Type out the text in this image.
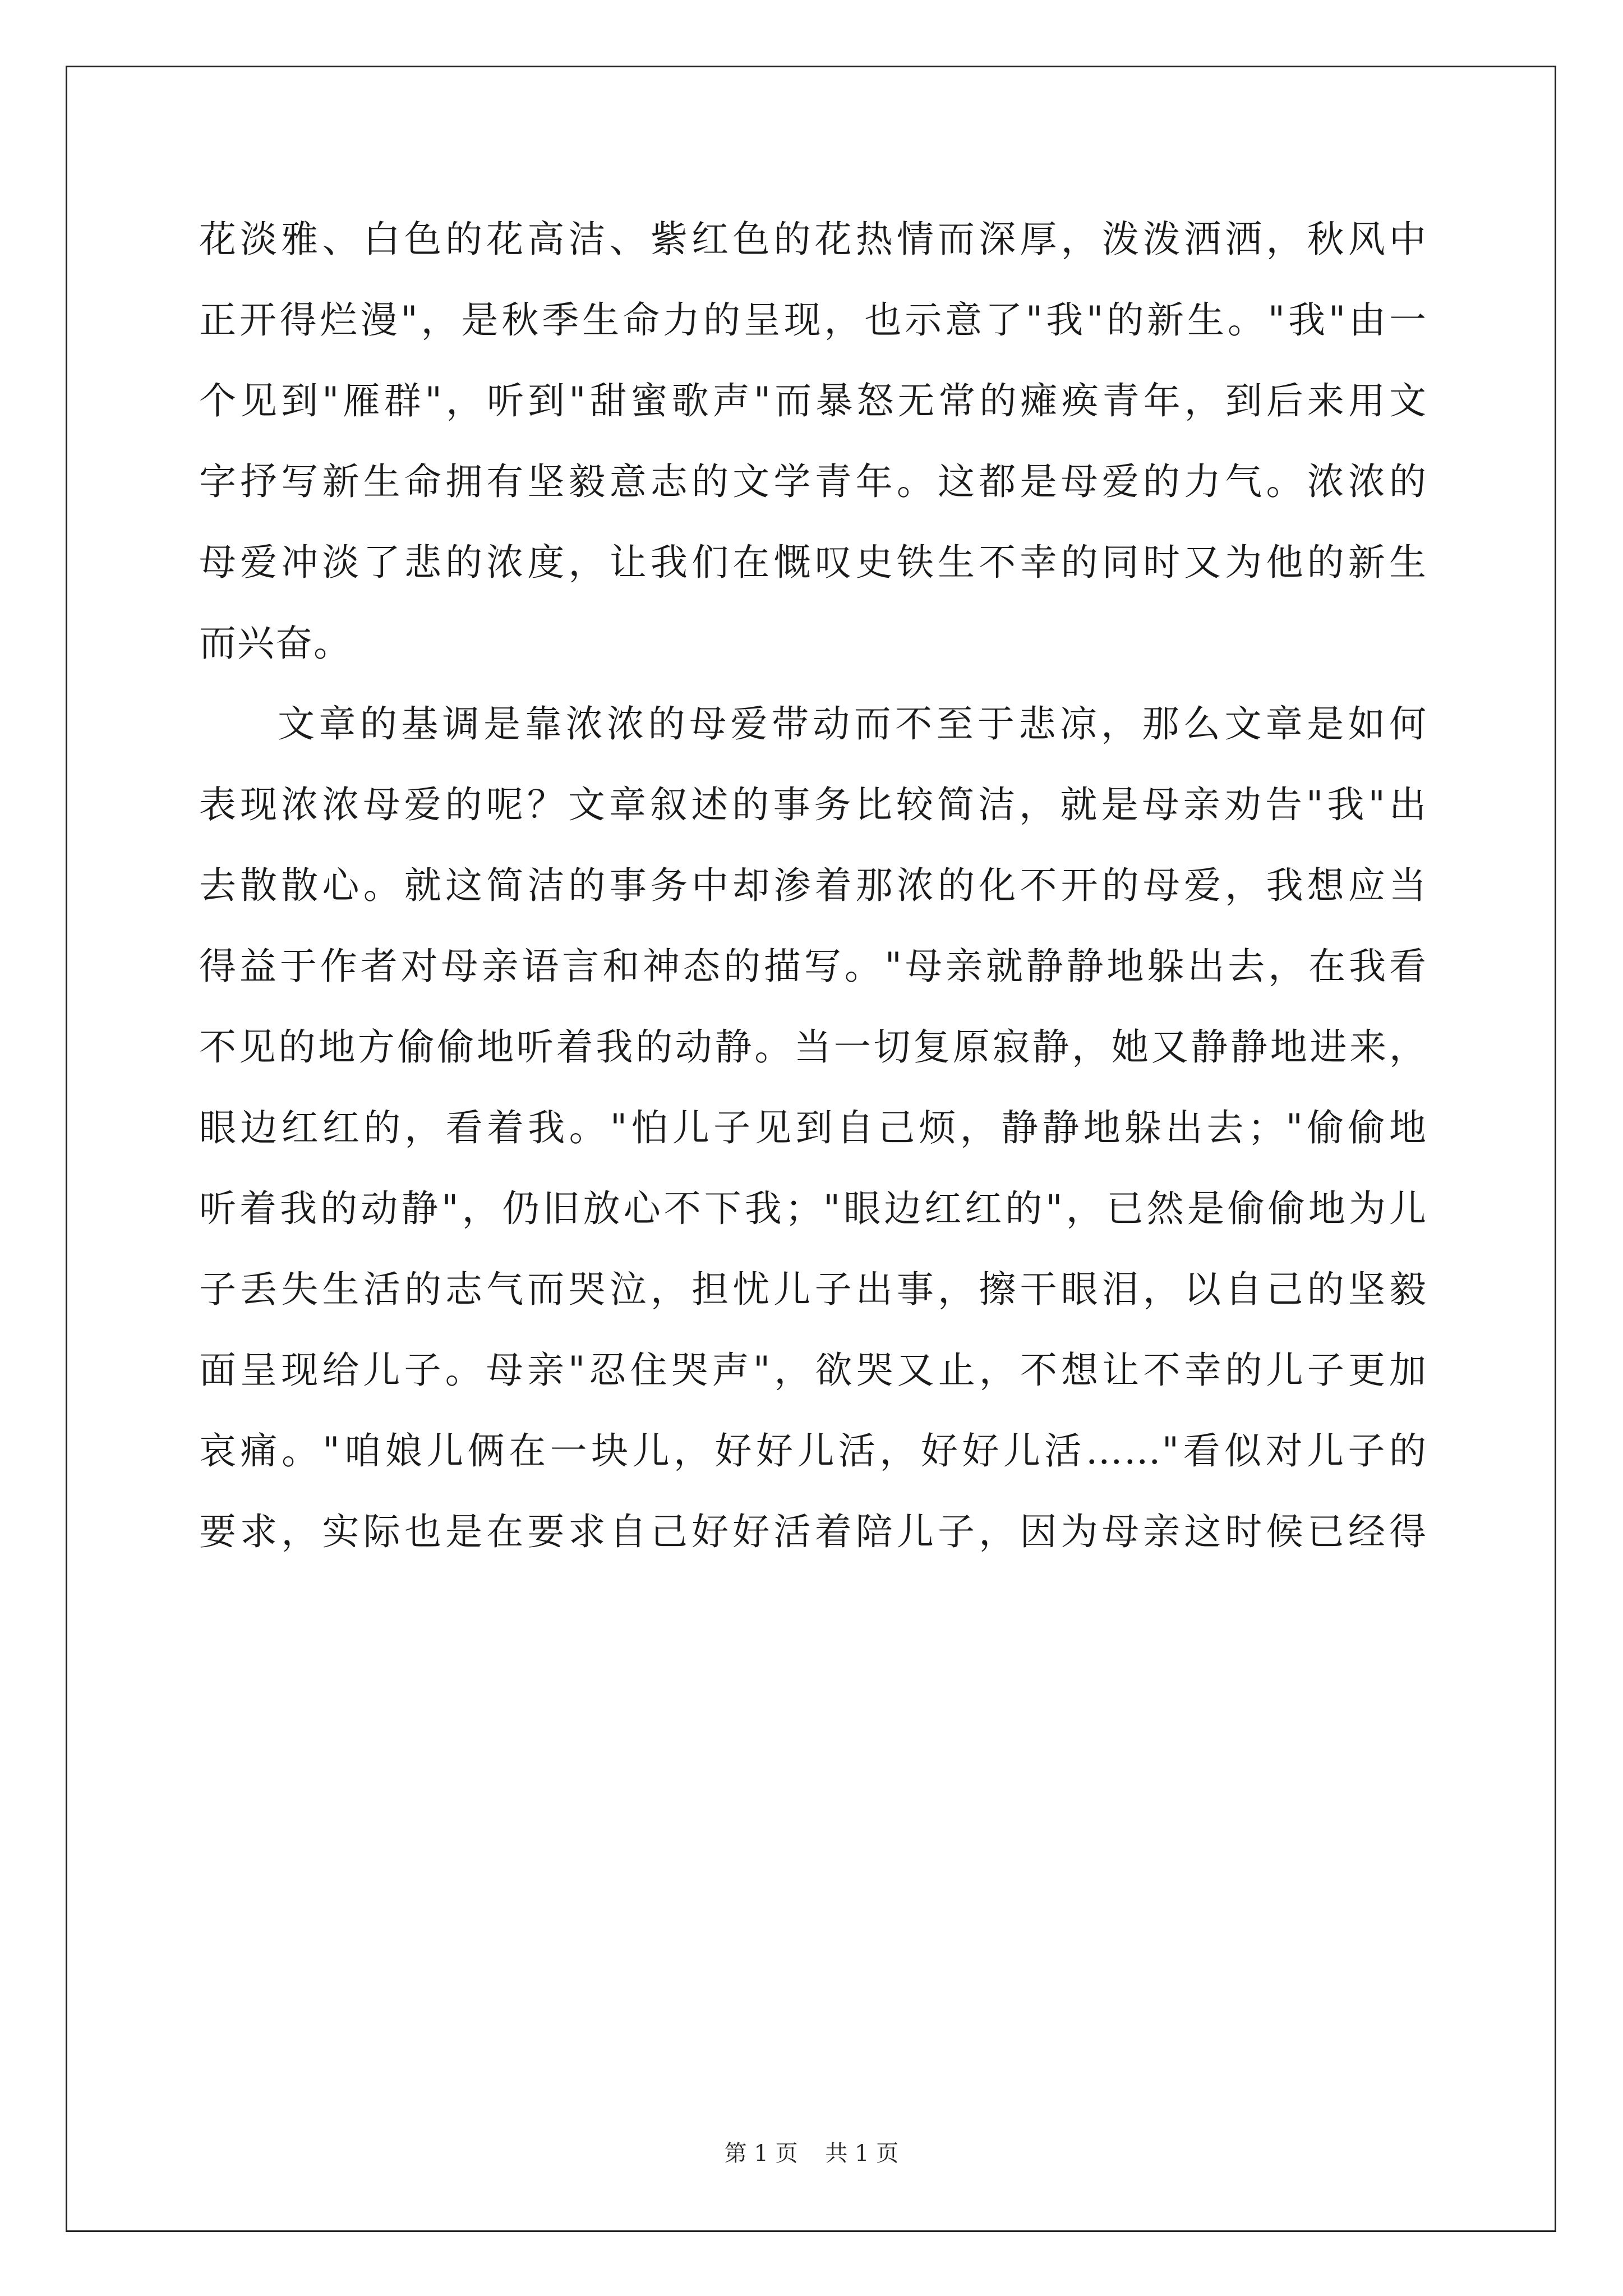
花淡雅、白色的花高洁、紫红色的花热情而深厚，泼泼洒洒，秋风中
正开得烂漫"，是秋季生命力的呈现，也示意了"我"的新生。"我"由一
个见到"雁群"，听到"甜蜜歌声"而暴怒无常的瘫痪青年，到后来用文
字抒写新生命拥有坚毅意志的文学青年。这都是母爱的力气。浓浓的
母爱冲淡了悲的浓度，让我们在慨叹史铁生不幸的同时又为他的新生
而兴奋。
文章的基调是靠浓浓的母爱带动而不至于悲凉，那么文章是如何
表现浓浓母爱的呢？文章叙述的事务比较简洁，就是母亲劝告"我"出
去散散心。就这简洁的事务中却渗着那浓的化不开的母爱，我想应当
得益于作者对母亲语言和神态的描写。"母亲就静静地躲出去，在我看
不见的地方偷偷地听着我的动静。当一切复原寂静，她又静静地进来，
眼边红红的，看着我。"怕儿子见到自己烦，静静地躲出去；"偷偷地
听着我的动静"，仍旧放心不下我；"眼边红红的"，已然是偷偷地为儿
子丢失生活的志气而哭泣，担忧儿子出事，擦干眼泪，以自己的坚毅
面呈现给儿子。母亲"忍住哭声"，欲哭又止，不想让不幸的儿子更加
哀痛。"咱娘儿俩在一块儿，好好儿活，好好儿活……"看似对儿子的
要求，实际也是在要求自己好好活着陪儿子，因为母亲这时候已经得
第 1 页 共 1 页
